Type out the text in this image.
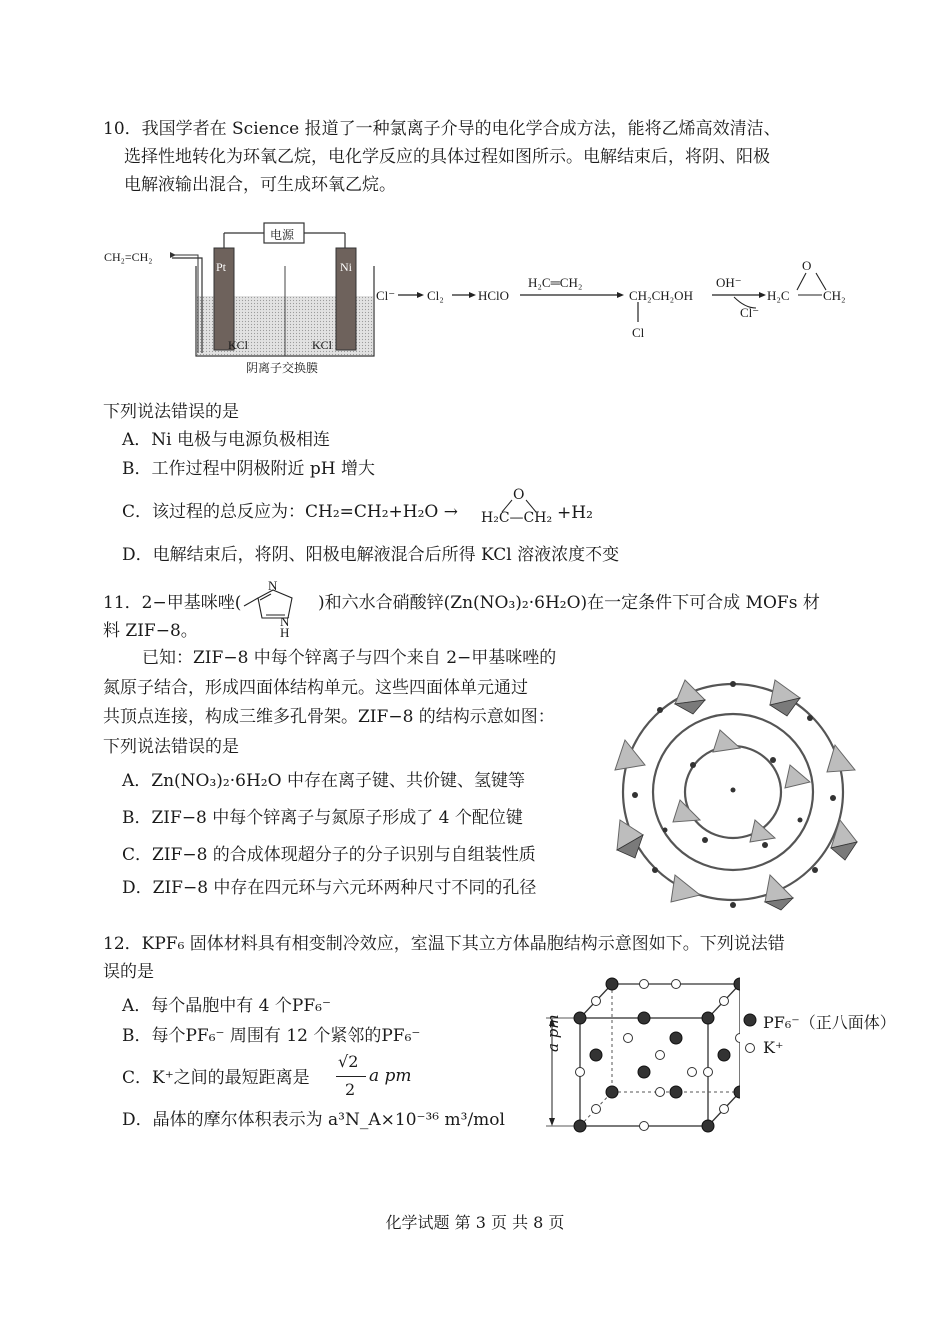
10．我国学者在 Science 报道了一种氯离子介导的电化学合成方法，能将乙烯高效清洁、
选择性地转化为环氧乙烷，电化学反应的具体过程如图所示。电解结束后，将阴、阳极
电解液输出混合，可生成环氧乙烷。
CH₂=CH₂
电源
Pt	Ni
KCl	KCl
阴离子交换膜
Cl⁻ Cl₂	HClO
H₂C═CH₂
CH₂CH₂OH
Cl
OH⁻
Cl⁻
O
H₂C	CH₂
下列说法错误的是
A．Ni 电极与电源负极相连
B．工作过程中阴极附近 pH 增大
C．该过程的总反应为：CH₂=CH₂+H₂O →
O
H₂C—CH₂ +H₂
D．电解结束后，将阴、阳极电解液混合后所得 KCl 溶液浓度不变
11．2−甲基咪唑(
N
N
H
)和六水合硝酸锌(Zn(NO₃)₂·6H₂O)在一定条件下可合成 MOFs 材
料 ZIF−8。
已知：ZIF−8 中每个锌离子与四个来自 2−甲基咪唑的
氮原子结合，形成四面体结构单元。这些四面体单元通过
共顶点连接，构成三维多孔骨架。ZIF−8 的结构示意如图：
下列说法错误的是
A．Zn(NO₃)₂·6H₂O 中存在离子键、共价键、氢键等
B．ZIF−8 中每个锌离子与氮原子形成了 4 个配位键
C．ZIF−8 的合成体现超分子的分子识别与自组装性质
D．ZIF−8 中存在四元环与六元环两种尺寸不同的孔径
12．KPF₆ 固体材料具有相变制冷效应，室温下其立方体晶胞结构示意图如下。下列说法错
误的是
A．每个晶胞中有 4 个PF₆⁻
B．每个PF₆⁻ 周围有 12 个紧邻的PF₆⁻
C．K⁺之间的最短距离是
√2
2
a pm
D．晶体的摩尔体积表示为 a³N_A×10⁻³⁶ m³/mol
a pm	PF₆⁻（正八面体）
K⁺
化学试题 第 3 页 共 8 页
